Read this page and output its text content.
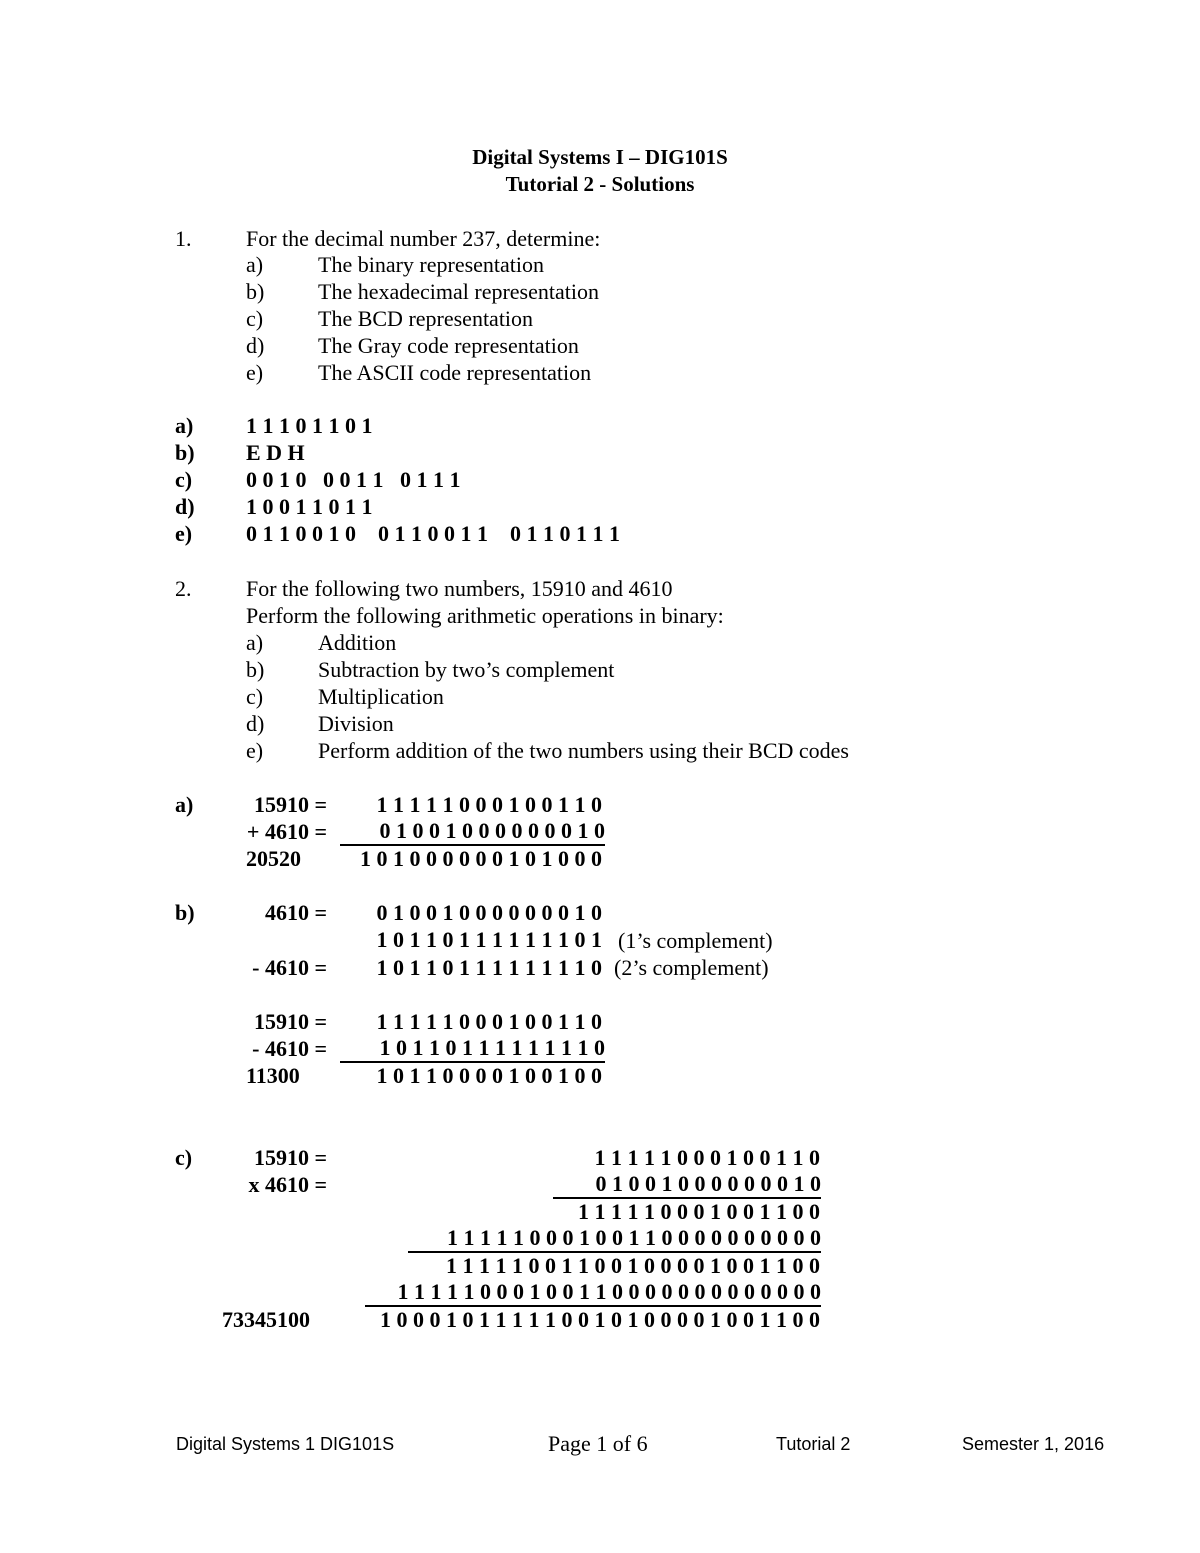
Digital Systems I – DIG101S
Tutorial 2 - Solutions
1. For the decimal number 237, determine:
a) The binary representation
b) The hexadecimal representation
c) The BCD representation
d) The Gray code representation
e) The ASCII code representation
a) 1 1 1 0 1 1 0 1
b) E D H
c) 0 0 1 0   0 0 1 1   0 1 1 1
d) 1 0 0 1 1 0 1 1
e) 0 1 1 0 0 1 0    0 1 1 0 0 1 1    0 1 1 0 1 1 1
2. For the following two numbers, 15910 and 4610
Perform the following arithmetic operations in binary:
a) Addition
b) Subtraction by two’s complement
c) Multiplication
d) Division
e) Perform addition of the two numbers using their BCD codes
a)	15910 =	1 1 1 1 1 0 0 0 1 0 0 1 1 0
+ 4610 =	0 1 0 0 1 0 0 0 0 0 0 0 1 0
20520	1 0 1 0 0 0 0 0 0 1 0 1 0 0 0
b)	4610 =	0 1 0 0 1 0 0 0 0 0 0 0 1 0
1 0 1 1 0 1 1 1 1 1 1 1 0 1 (1’s complement)
- 4610 =	1 0 1 1 0 1 1 1 1 1 1 1 1 0 (2’s complement)
15910 =	1 1 1 1 1 0 0 0 1 0 0 1 1 0
- 4610 =	1 0 1 1 0 1 1 1 1 1 1 1 1 0
11300	1 0 1 1 0 0 0 0 1 0 0 1 0 0
c)	15910 =	1 1 1 1 1 0 0 0 1 0 0 1 1 0
x 4610 =	0 1 0 0 1 0 0 0 0 0 0 0 1 0
1 1 1 1 1 0 0 0 1 0 0 1 1 0 0
1 1 1 1 1 0 0 0 1 0 0 1 1 0 0 0 0 0 0 0 0 0 0
1 1 1 1 1 0 0 1 1 0 0 1 0 0 0 0 1 0 0 1 1 0 0
1 1 1 1 1 0 0 0 1 0 0 1 1 0 0 0 0 0 0 0 0 0 0 0 0 0
73345100	1 0 0 0 1 0 1 1 1 1 1 0 0 1 0 1 0 0 0 0 1 0 0 1 1 0 0
Digital Systems 1 DIG101S	Page 1 of 6	Tutorial 2	Semester 1, 2016
